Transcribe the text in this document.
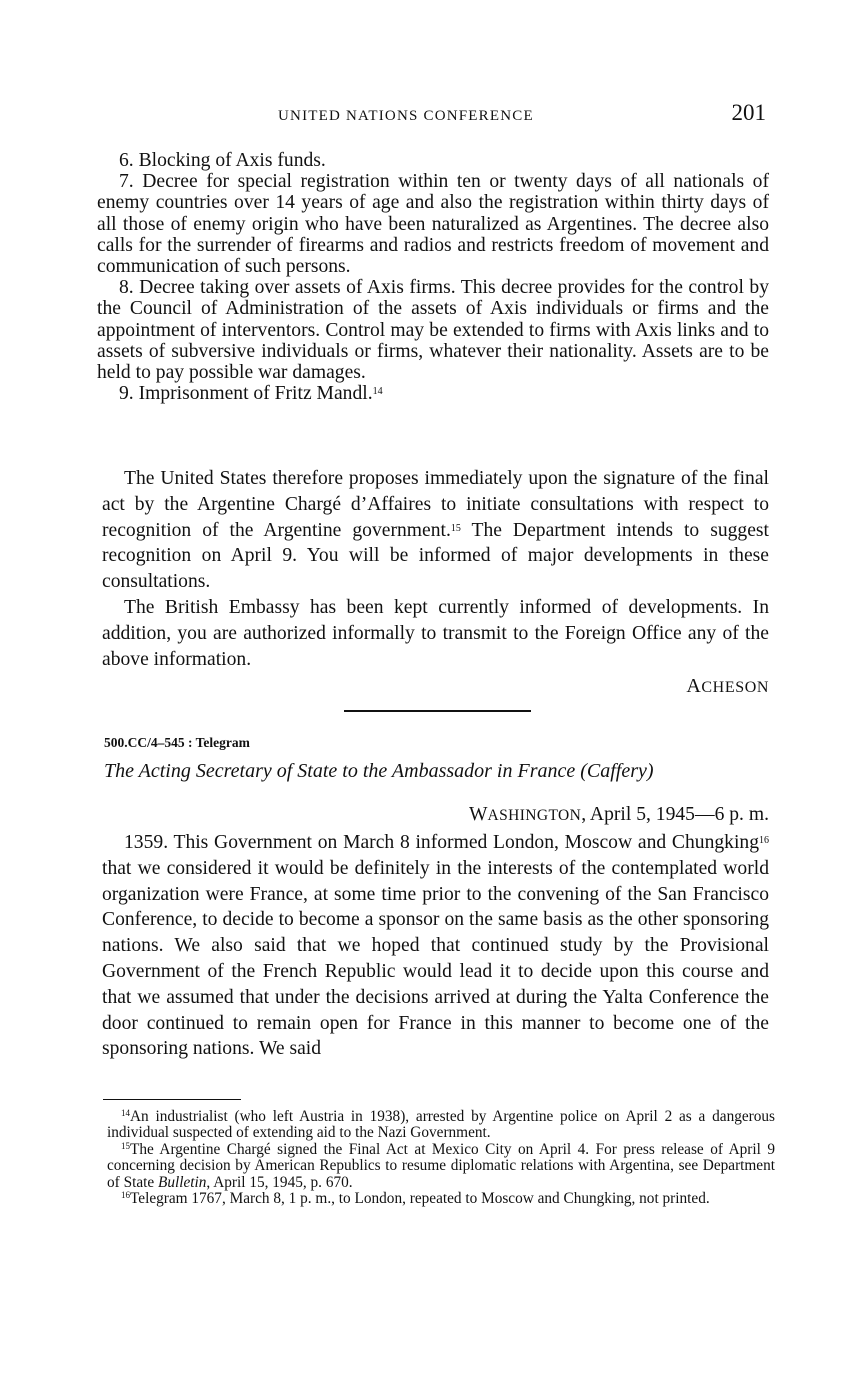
UNITED NATIONS CONFERENCE	201

6. Blocking of Axis funds.

7. Decree for special registration within ten or twenty days of all nationals of enemy countries over 14 years of age and also the registration within thirty days of all those of enemy origin who have been naturalized as Argentines. The decree also calls for the surrender of firearms and radios and restricts freedom of movement and communication of such persons.

8. Decree taking over assets of Axis firms. This decree provides for the control by the Council of Administration of the assets of Axis individuals or firms and the appointment of interventors. Control may be extended to firms with Axis links and to assets of subversive individuals or firms, whatever their nationality. Assets are to be held to pay possible war damages.

9. Imprisonment of Fritz Mandl.$^{14}$

The United States therefore proposes immediately upon the signature of the final act by the Argentine Chargé d’Affaires to initiate consultations with respect to recognition of the Argentine government.$^{15}$ The Department intends to suggest recognition on April 9. You will be informed of major developments in these consultations.

The British Embassy has been kept currently informed of developments. In addition, you are authorized informally to transmit to the Foreign Office any of the above information.

ACHESON
500.CC/4–545 : Telegram
The Acting Secretary of State to the Ambassador in France (Caffery)
WASHINGTON, April 5, 1945—6 p. m.

1359. This Government on March 8 informed London, Moscow and Chungking$^{16}$ that we considered it would be definitely in the interests of the contemplated world organization were France, at some time prior to the convening of the San Francisco Conference, to decide to become a sponsor on the same basis as the other sponsoring nations. We also said that we hoped that continued study by the Provisional Government of the French Republic would lead it to decide upon this course and that we assumed that under the decisions arrived at during the Yalta Conference the door continued to remain open for France in this manner to become one of the sponsoring nations. We said

$^{14}$An industrialist (who left Austria in 1938), arrested by Argentine police on April 2 as a dangerous individual suspected of extending aid to the Nazi Government.

$^{15}$The Argentine Chargé signed the Final Act at Mexico City on April 4. For press release of April 9 concerning decision by American Republics to resume diplomatic relations with Argentina, see Department of State Bulletin, April 15, 1945, p. 670.

$^{16}$Telegram 1767, March 8, 1 p. m., to London, repeated to Moscow and Chungking, not printed.
